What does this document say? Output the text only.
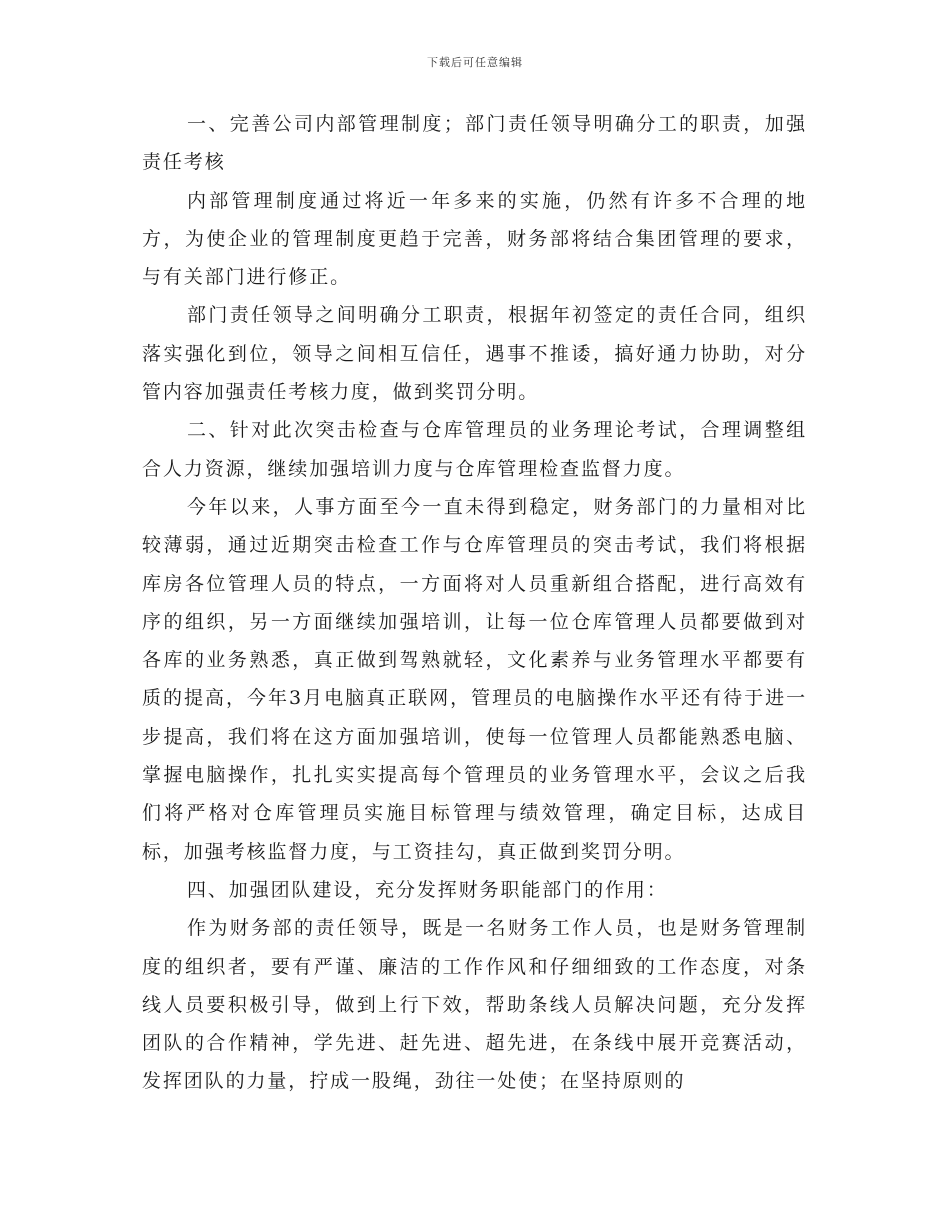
下载后可任意编辑

一、完善公司内部管理制度；部门责任领导明确分工的职责，加强责任考核

内部管理制度通过将近一年多来的实施，仍然有许多不合理的地方，为使企业的管理制度更趋于完善，财务部将结合集团管理的要求，与有关部门进行修正。

部门责任领导之间明确分工职责，根据年初签定的责任合同，组织落实强化到位，领导之间相互信任，遇事不推诿，搞好通力协助，对分管内容加强责任考核力度，做到奖罚分明。

二、针对此次突击检查与仓库管理员的业务理论考试，合理调整组合人力资源，继续加强培训力度与仓库管理检查监督力度。

今年以来，人事方面至今一直未得到稳定，财务部门的力量相对比较薄弱，通过近期突击检查工作与仓库管理员的突击考试，我们将根据库房各位管理人员的特点，一方面将对人员重新组合搭配，进行高效有序的组织，另一方面继续加强培训，让每一位仓库管理人员都要做到对各库的业务熟悉，真正做到驾熟就轻，文化素养与业务管理水平都要有质的提高，今年3月电脑真正联网，管理员的电脑操作水平还有待于进一步提高，我们将在这方面加强培训，使每一位管理人员都能熟悉电脑、掌握电脑操作，扎扎实实提高每个管理员的业务管理水平，会议之后我们将严格对仓库管理员实施目标管理与绩效管理，确定目标，达成目标，加强考核监督力度，与工资挂勾，真正做到奖罚分明。

四、加强团队建设，充分发挥财务职能部门的作用：

作为财务部的责任领导，既是一名财务工作人员，也是财务管理制度的组织者，要有严谨、廉洁的工作作风和仔细细致的工作态度，对条线人员要积极引导，做到上行下效，帮助条线人员解决问题，充分发挥团队的合作精神，学先进、赶先进、超先进，在条线中展开竞赛活动，发挥团队的力量，拧成一股绳，劲往一处使；在坚持原则的
